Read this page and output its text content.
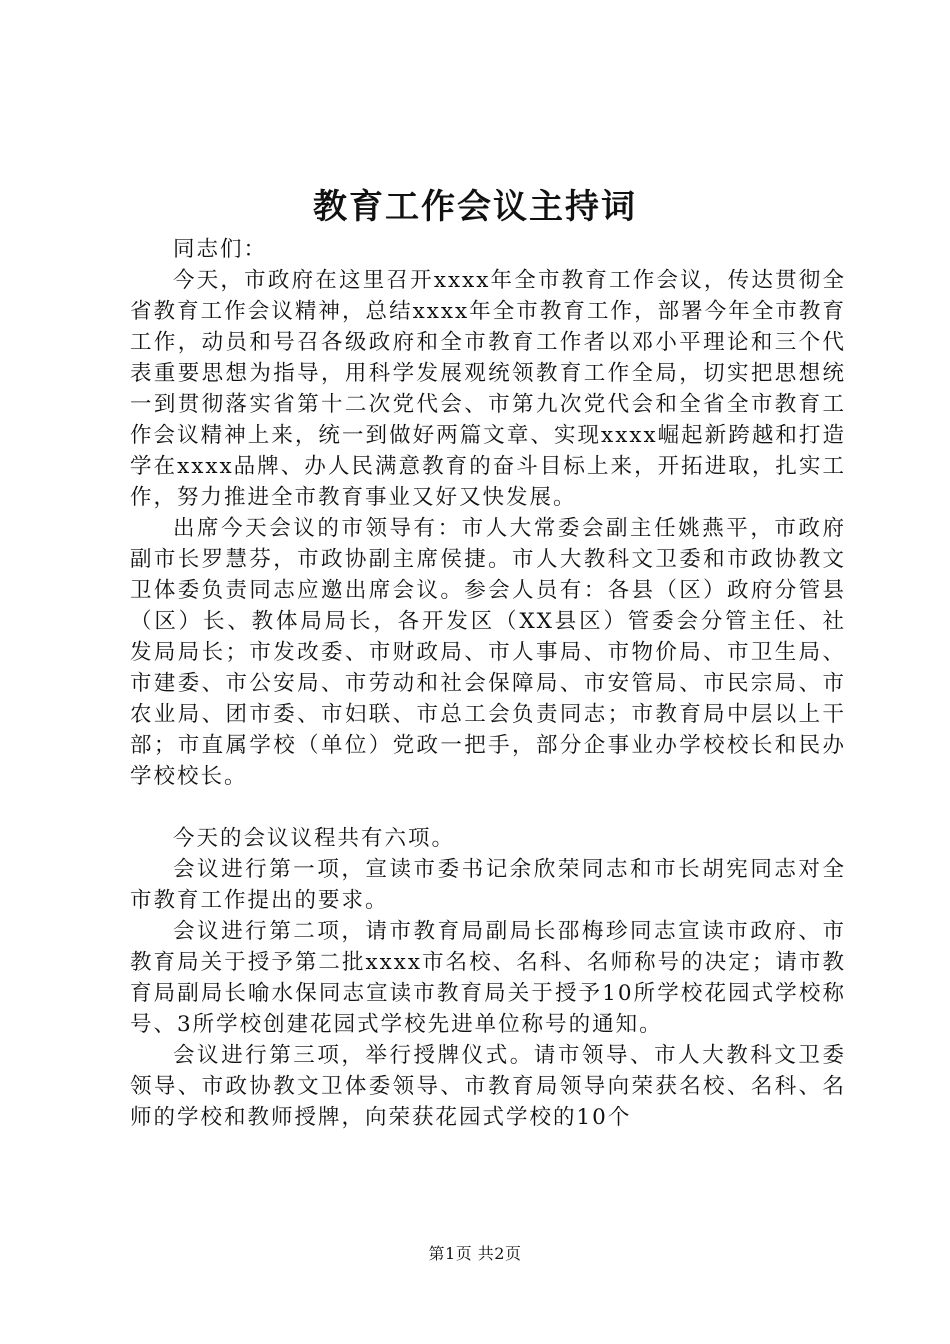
教育工作会议主持词

同志们：

今天，市政府在这里召开xxxx年全市教育工作会议，传达贯彻全省教育工作会议精神，总结xxxx年全市教育工作，部署今年全市教育工作，动员和号召各级政府和全市教育工作者以邓小平理论和三个代表重要思想为指导，用科学发展观统领教育工作全局，切实把思想统一到贯彻落实省第十二次党代会、市第九次党代会和全省全市教育工作会议精神上来，统一到做好两篇文章、实现xxxx崛起新跨越和打造学在xxxx品牌、办人民满意教育的奋斗目标上来，开拓进取，扎实工作，努力推进全市教育事业又好又快发展。

出席今天会议的市领导有：市人大常委会副主任姚燕平，市政府副市长罗慧芬，市政协副主席侯捷。市人大教科文卫委和市政协教文卫体委负责同志应邀出席会议。参会人员有：各县（区）政府分管县（区）长、教体局局长，各开发区（XX县区）管委会分管主任、社发局局长；市发改委、市财政局、市人事局、市物价局、市卫生局、市建委、市公安局、市劳动和社会保障局、市安管局、市民宗局、市农业局、团市委、市妇联、市总工会负责同志；市教育局中层以上干部；市直属学校（单位）党政一把手，部分企事业办学校校长和民办学校校长。

今天的会议议程共有六项。

会议进行第一项，宣读市委书记余欣荣同志和市长胡宪同志对全市教育工作提出的要求。

会议进行第二项，请市教育局副局长邵梅珍同志宣读市政府、市教育局关于授予第二批xxxx市名校、名科、名师称号的决定；请市教育局副局长喻水保同志宣读市教育局关于授予10所学校花园式学校称号、3所学校创建花园式学校先进单位称号的通知。

会议进行第三项，举行授牌仪式。请市领导、市人大教科文卫委领导、市政协教文卫体委领导、市教育局领导向荣获名校、名科、名师的学校和教师授牌，向荣获花园式学校的10个

第1页 共2页
